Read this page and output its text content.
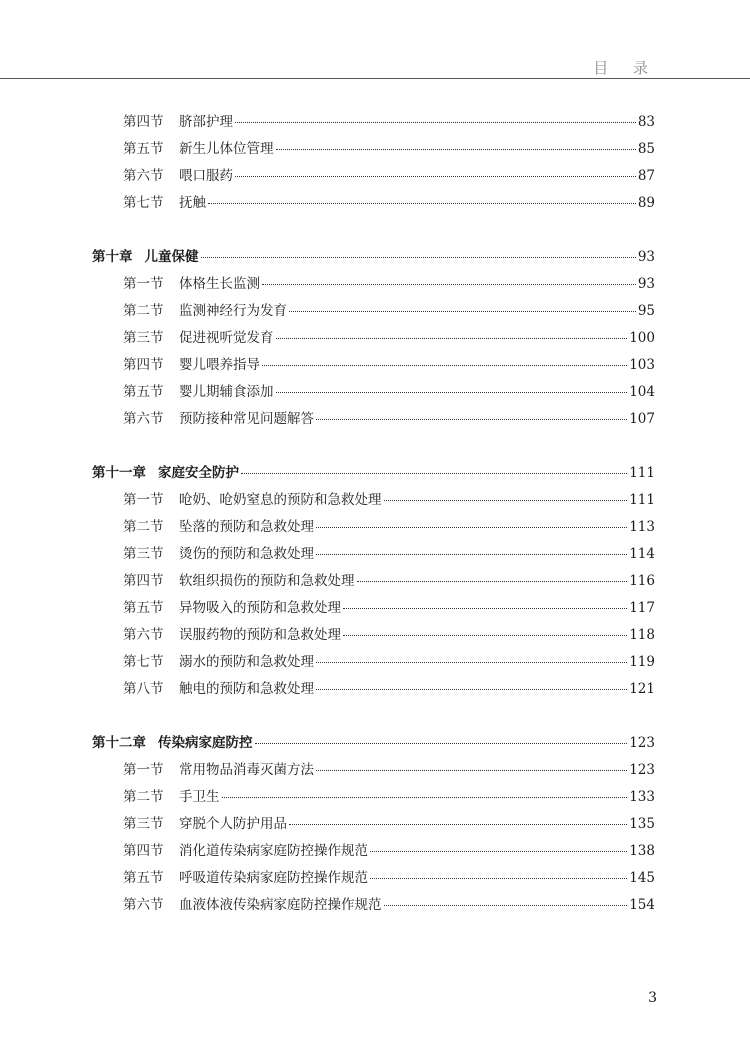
目 录
第四节	脐部护理	83
第五节	新生儿体位管理	85
第六节	喂口服药	87
第七节	抚触	89
第十章 儿童保健	93
第一节	体格生长监测	93
第二节	监测神经行为发育	95
第三节	促进视听觉发育	100
第四节	婴儿喂养指导	103
第五节	婴儿期辅食添加	104
第六节	预防接种常见问题解答	107
第十一章 家庭安全防护	111
第一节	呛奶、呛奶窒息的预防和急救处理	111
第二节	坠落的预防和急救处理	113
第三节	烫伤的预防和急救处理	114
第四节	软组织损伤的预防和急救处理	116
第五节	异物吸入的预防和急救处理	117
第六节	误服药物的预防和急救处理	118
第七节	溺水的预防和急救处理	119
第八节	触电的预防和急救处理	121
第十二章 传染病家庭防控	123
第一节	常用物品消毒灭菌方法	123
第二节	手卫生	133
第三节	穿脱个人防护用品	135
第四节	消化道传染病家庭防控操作规范	138
第五节	呼吸道传染病家庭防控操作规范	145
第六节	血液体液传染病家庭防控操作规范	154
3
